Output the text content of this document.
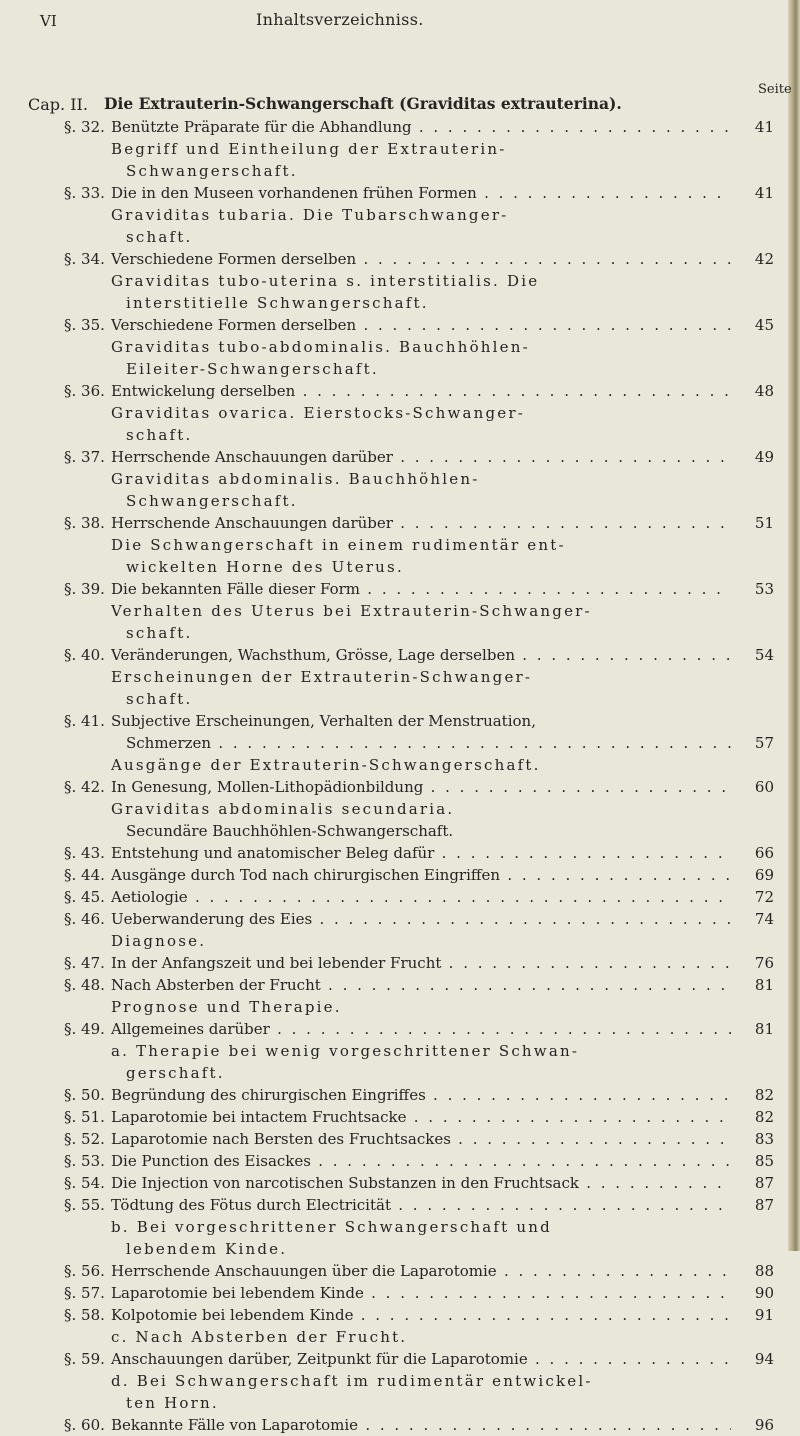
VI	Inhaltsverzeichniss.
Seite
Cap. II. Die Extrauterin-Schwangerschaft (Graviditas extrauterina).
§. 32. Benützte Präparate für die Abhandlung . . .	41
Begriff und Eintheilung der Extrauterin-
Schwangerschaft.
§. 33. Die in den Museen vorhandenen frühen Formen . . .	41
Graviditas tubaria. Die Tubarschwanger-
schaft.
§. 34. Verschiedene Formen derselben . . .	42
Graviditas tubo-uterina s. interstitialis. Die
interstitielle Schwangerschaft.
§. 35. Verschiedene Formen derselben . . .	45
Graviditas tubo-abdominalis. Bauchhöhlen-
Eileiter-Schwangerschaft.
§. 36. Entwickelung derselben . . .	48
Graviditas ovarica. Eierstocks-Schwanger-
schaft.
§. 37. Herrschende Anschauungen darüber . . .	49
Graviditas abdominalis. Bauchhöhlen-
Schwangerschaft.
§. 38. Herrschende Anschauungen darüber . . .	51
Die Schwangerschaft in einem rudimentär ent-
wickelten Horne des Uterus.
§. 39. Die bekannten Fälle dieser Form . . .	53
Verhalten des Uterus bei Extrauterin-Schwanger-
schaft.
§. 40. Veränderungen, Wachsthum, Grösse, Lage derselben . . .	54
Erscheinungen der Extrauterin-Schwanger-
schaft.
§. 41. Subjective Erscheinungen, Verhalten der Menstruation,
Schmerzen . . .	57
Ausgänge der Extrauterin-Schwangerschaft.
§. 42. In Genesung, Mollen-Lithopädionbildung . . .	60
Graviditas abdominalis secundaria.
Secundäre Bauchhöhlen-Schwangerschaft.
§. 43. Entstehung und anatomischer Beleg dafür . . .	66
§. 44. Ausgänge durch Tod nach chirurgischen Eingriffen . . .	69
§. 45. Aetiologie . . .	72
§. 46. Ueberwanderung des Eies . . .	74
Diagnose.
§. 47. In der Anfangszeit und bei lebender Frucht . . .	76
§. 48. Nach Absterben der Frucht . . .	81
Prognose und Therapie.
§. 49. Allgemeines darüber . . .	81
a. Therapie bei wenig vorgeschrittener Schwan-
gerschaft.
§. 50. Begründung des chirurgischen Eingriffes . . .	82
§. 51. Laparotomie bei intactem Fruchtsacke . . .	82
§. 52. Laparotomie nach Bersten des Fruchtsackes . . .	83
§. 53. Die Punction des Eisackes . . .	85
§. 54. Die Injection von narcotischen Substanzen in den Fruchtsack . . .	87
§. 55. Tödtung des Fötus durch Electricität . . .	87
b. Bei vorgeschrittener Schwangerschaft und
lebendem Kinde.
§. 56. Herrschende Anschauungen über die Laparotomie . . .	88
§. 57. Laparotomie bei lebendem Kinde . . .	90
§. 58. Kolpotomie bei lebendem Kinde . . .	91
c. Nach Absterben der Frucht.
§. 59. Anschauungen darüber, Zeitpunkt für die Laparotomie . . .	94
d. Bei Schwangerschaft im rudimentär entwickel-
ten Horn.
§. 60. Bekannte Fälle von Laparotomie . . .	96
